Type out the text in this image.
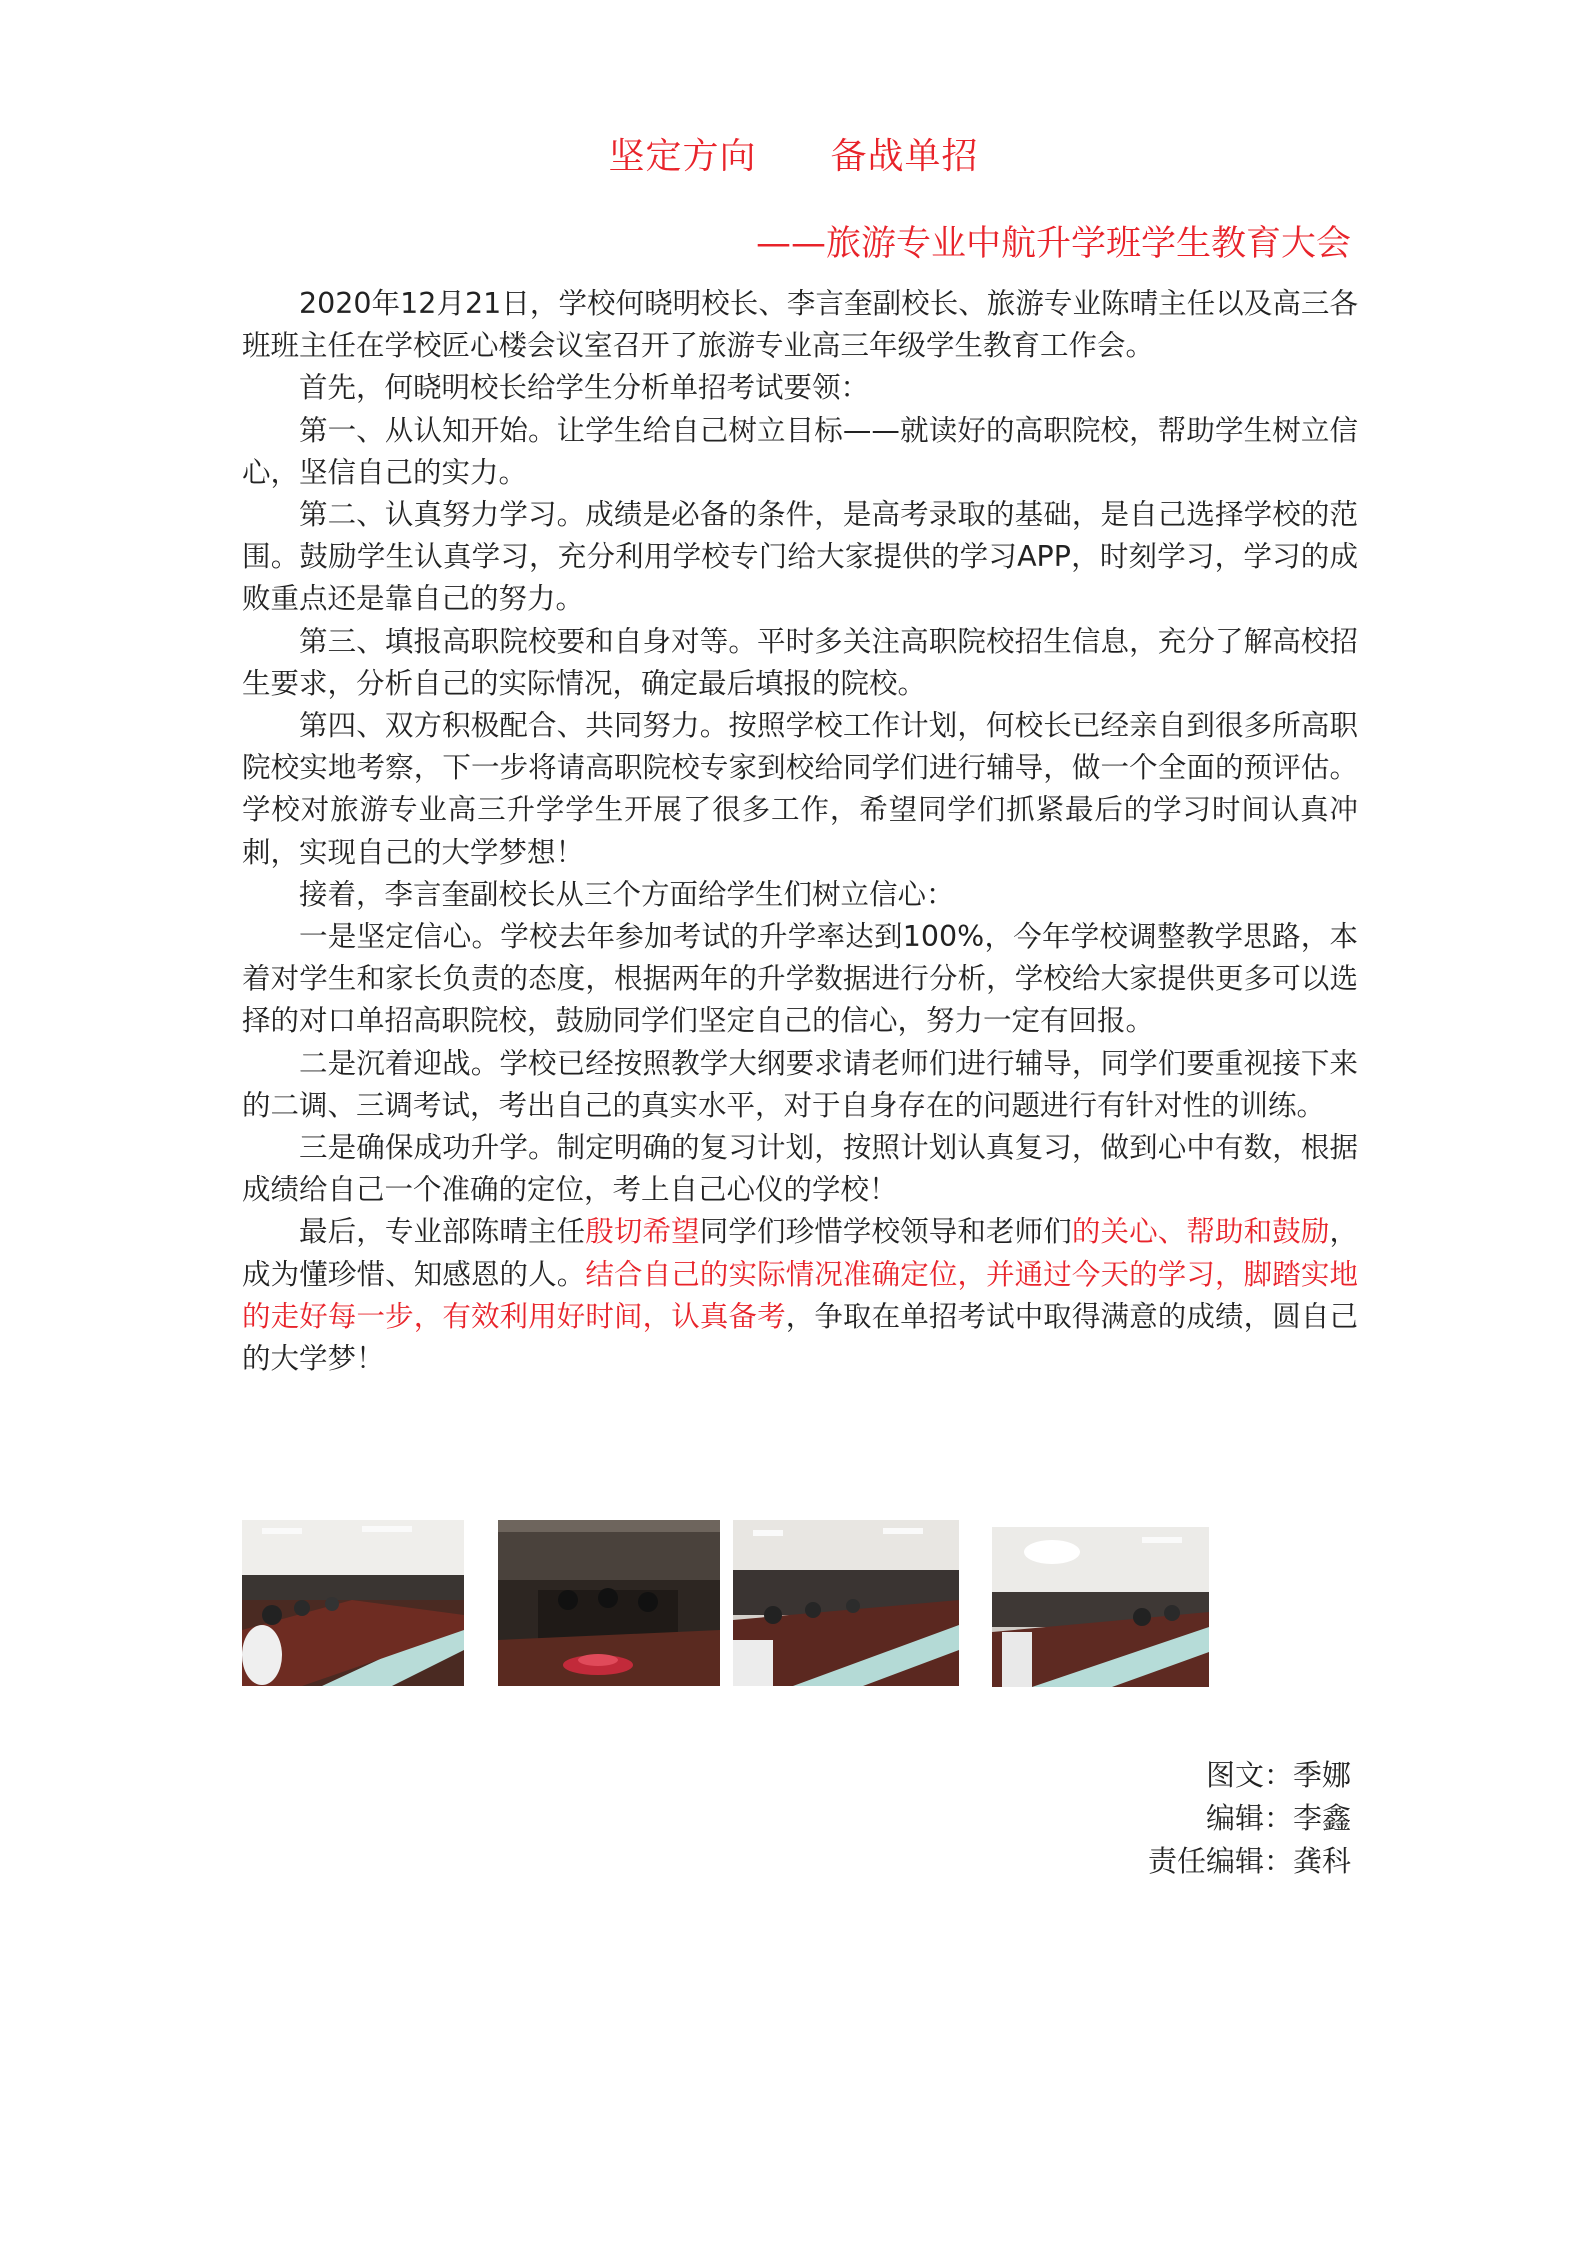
坚定方向　　备战单招
——旅游专业中航升学班学生教育大会

2020年12月21日，学校何晓明校长、李言奎副校长、旅游专业陈晴主任以及高三各班班主任在学校匠心楼会议室召开了旅游专业高三年级学生教育工作会。

首先，何晓明校长给学生分析单招考试要领：

第一、从认知开始。让学生给自己树立目标——就读好的高职院校，帮助学生树立信心，坚信自己的实力。

第二、认真努力学习。成绩是必备的条件，是高考录取的基础，是自己选择学校的范围。鼓励学生认真学习，充分利用学校专门给大家提供的学习APP，时刻学习，学习的成败重点还是靠自己的努力。

第三、填报高职院校要和自身对等。平时多关注高职院校招生信息，充分了解高校招生要求，分析自己的实际情况，确定最后填报的院校。

第四、双方积极配合、共同努力。按照学校工作计划，何校长已经亲自到很多所高职院校实地考察，下一步将请高职院校专家到校给同学们进行辅导，做一个全面的预评估。学校对旅游专业高三升学学生开展了很多工作，希望同学们抓紧最后的学习时间认真冲刺，实现自己的大学梦想！

接着，李言奎副校长从三个方面给学生们树立信心：

一是坚定信心。学校去年参加考试的升学率达到100%，今年学校调整教学思路，本着对学生和家长负责的态度，根据两年的升学数据进行分析，学校给大家提供更多可以选择的对口单招高职院校，鼓励同学们坚定自己的信心，努力一定有回报。

二是沉着迎战。学校已经按照教学大纲要求请老师们进行辅导，同学们要重视接下来的二调、三调考试，考出自己的真实水平，对于自身存在的问题进行有针对性的训练。

三是确保成功升学。制定明确的复习计划，按照计划认真复习，做到心中有数，根据成绩给自己一个准确的定位，考上自己心仪的学校！

最后，专业部陈晴主任殷切希望同学们珍惜学校领导和老师们的关心、帮助和鼓励，成为懂珍惜、知感恩的人。结合自己的实际情况准确定位，并通过今天的学习，脚踏实地的走好每一步，有效利用好时间，认真备考，争取在单招考试中取得满意的成绩，圆自己的大学梦！

图文：季娜
编辑：李鑫
责任编辑：龚科
